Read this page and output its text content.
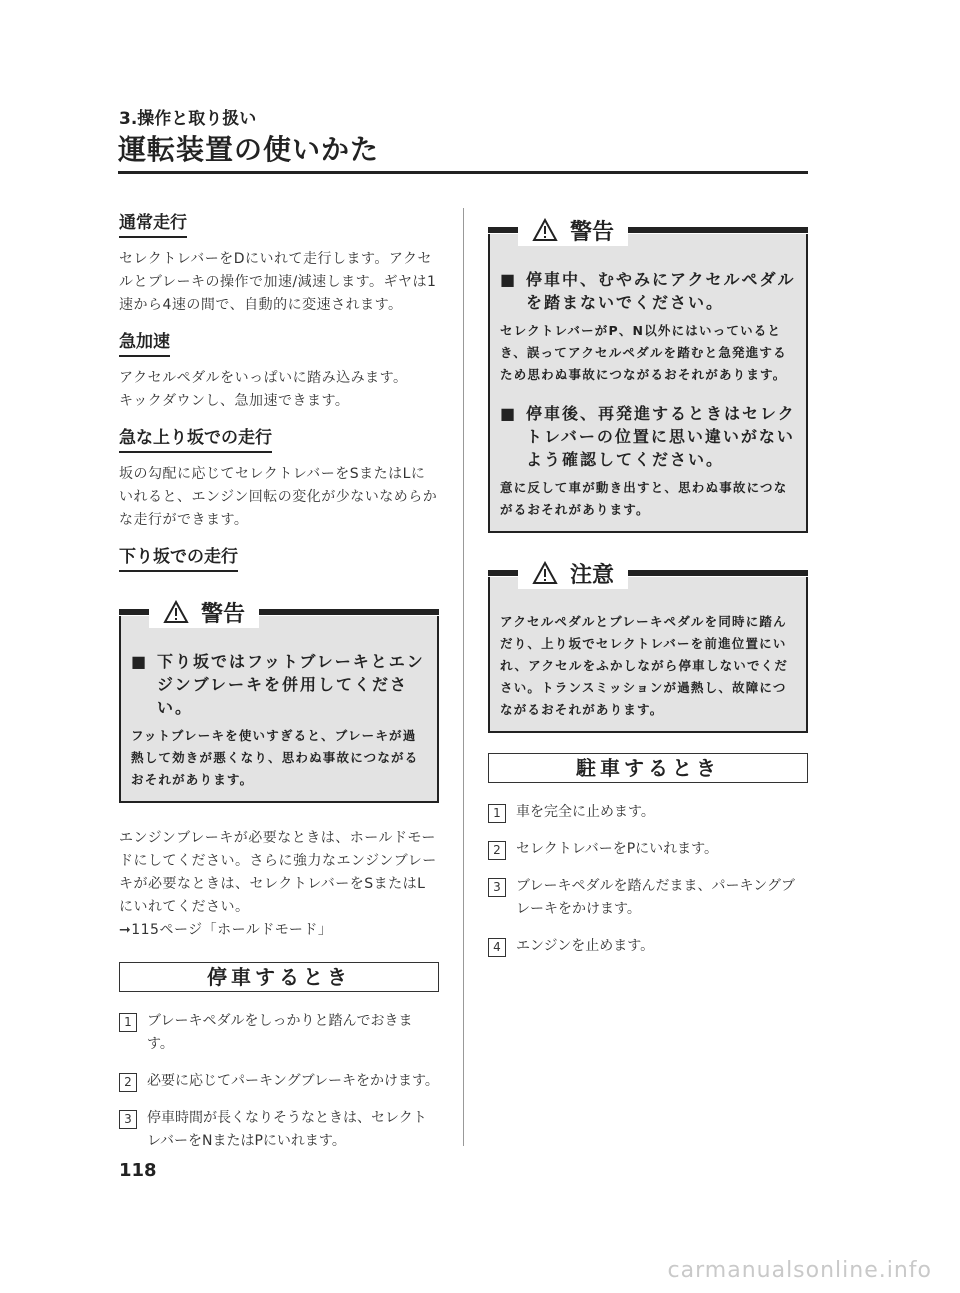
3.操作と取り扱い
運転装置の使いかた
通常走行

セレクトレバーをDにいれて走行します。アクセルとブレーキの操作で加速/減速します。ギヤは1速から4速の間で、自動的に変速されます。

急加速

アクセルペダルをいっぱいに踏み込みます。
キックダウンし、急加速できます。

急な上り坂での走行

坂の勾配に応じてセレクトレバーをSまたはLにいれると、エンジン回転の変化が少ないなめらかな走行ができます。

下り坂での走行
警告

■ 下り坂ではフットブレーキとエンジンブレーキを併用してください。

フットブレーキを使いすぎると、ブレーキが過熱して効きが悪くなり、思わぬ事故につながるおそれがあります。

エンジンブレーキが必要なときは、ホールドモードにしてください。さらに強力なエンジンブレーキが必要なときは、セレクトレバーをSまたはLにいれてください。

➞115ページ「ホールドモード」

停車するとき
1	ブレーキペダルをしっかりと踏んでおきます。
2	必要に応じてパーキングブレーキをかけます。
3	停車時間が長くなりそうなときは、セレクトレバーをNまたはPにいれます。
警告

■ 停車中、むやみにアクセルペダルを踏まないでください。

セレクトレバーがP、N以外にはいっているとき、誤ってアクセルペダルを踏むと急発進するため思わぬ事故につながるおそれがあります。

■ 停車後、再発進するときはセレクトレバーの位置に思い違いがないよう確認してください。

意に反して車が動き出すと、思わぬ事故につながるおそれがあります。

注意

アクセルペダルとブレーキペダルを同時に踏んだり、上り坂でセレクトレバーを前進位置にいれ、アクセルをふかしながら停車しないでください。トランスミッションが過熱し、故障につながるおそれがあります。

駐車するとき
1	車を完全に止めます。
2	セレクトレバーをPにいれます。
3	ブレーキペダルを踏んだまま、パーキングブレーキをかけます。
4	エンジンを止めます。
118
carmanualsonline.info
